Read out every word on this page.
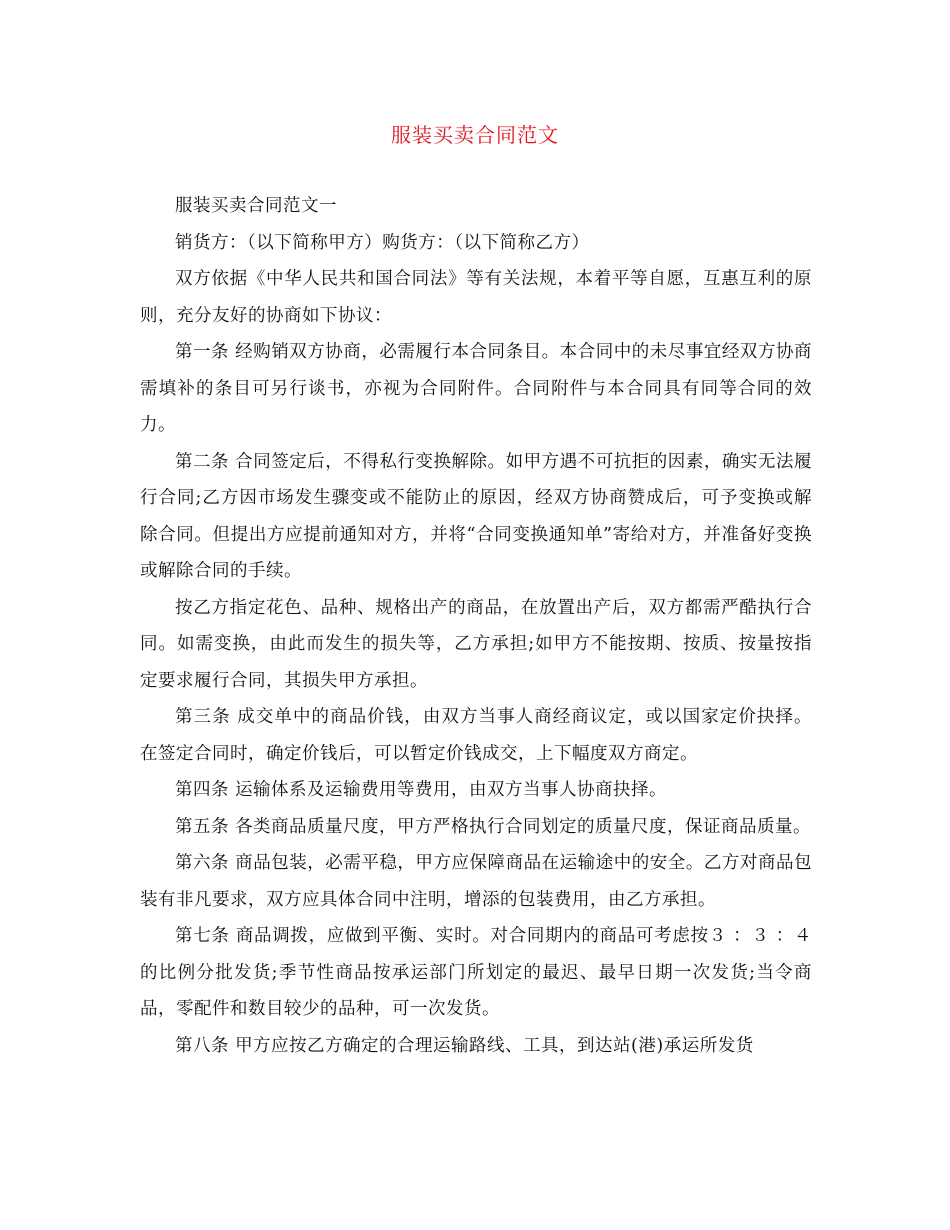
服装买卖合同范文

服装买卖合同范文一

销货方：（以下简称甲方）购货方：（以下简称乙方）

双方依据《中华人民共和国合同法》等有关法规，本着平等自愿，互惠互利的原则，充分友好的协商如下协议：

第一条 经购销双方协商，必需履行本合同条目。本合同中的未尽事宜经双方协商需填补的条目可另行谈书，亦视为合同附件。合同附件与本合同具有同等合同的效力。

第二条 合同签定后，不得私行变换解除。如甲方遇不可抗拒的因素，确实无法履行合同;乙方因市场发生骤变或不能防止的原因，经双方协商赞成后，可予变换或解除合同。但提出方应提前通知对方，并将“合同变换通知单”寄给对方，并准备好变换或解除合同的手续。

按乙方指定花色、品种、规格出产的商品，在放置出产后，双方都需严酷执行合同。如需变换，由此而发生的损失等，乙方承担;如甲方不能按期、按质、按量按指定要求履行合同，其损失甲方承担。

第三条 成交单中的商品价钱，由双方当事人商经商议定，或以国家定价抉择。 在签定合同时，确定价钱后，可以暂定价钱成交，上下幅度双方商定。

第四条 运输体系及运输费用等费用，由双方当事人协商抉择。

第五条 各类商品质量尺度，甲方严格执行合同划定的质量尺度，保证商品质量。

第六条 商品包装，必需平稳，甲方应保障商品在运输途中的安全。乙方对商品包装有非凡要求，双方应具体合同中注明，增添的包装费用，由乙方承担。

第七条 商品调拨，应做到平衡、实时。对合同期内的商品可考虑按３ ：３ ：４的比例分批发货;季节性商品按承运部门所划定的最迟、最早日期一次发货;当令商品，零配件和数目较少的品种，可一次发货。

第八条 甲方应按乙方确定的合理运输路线、工具，到达站(港)承运所发货
